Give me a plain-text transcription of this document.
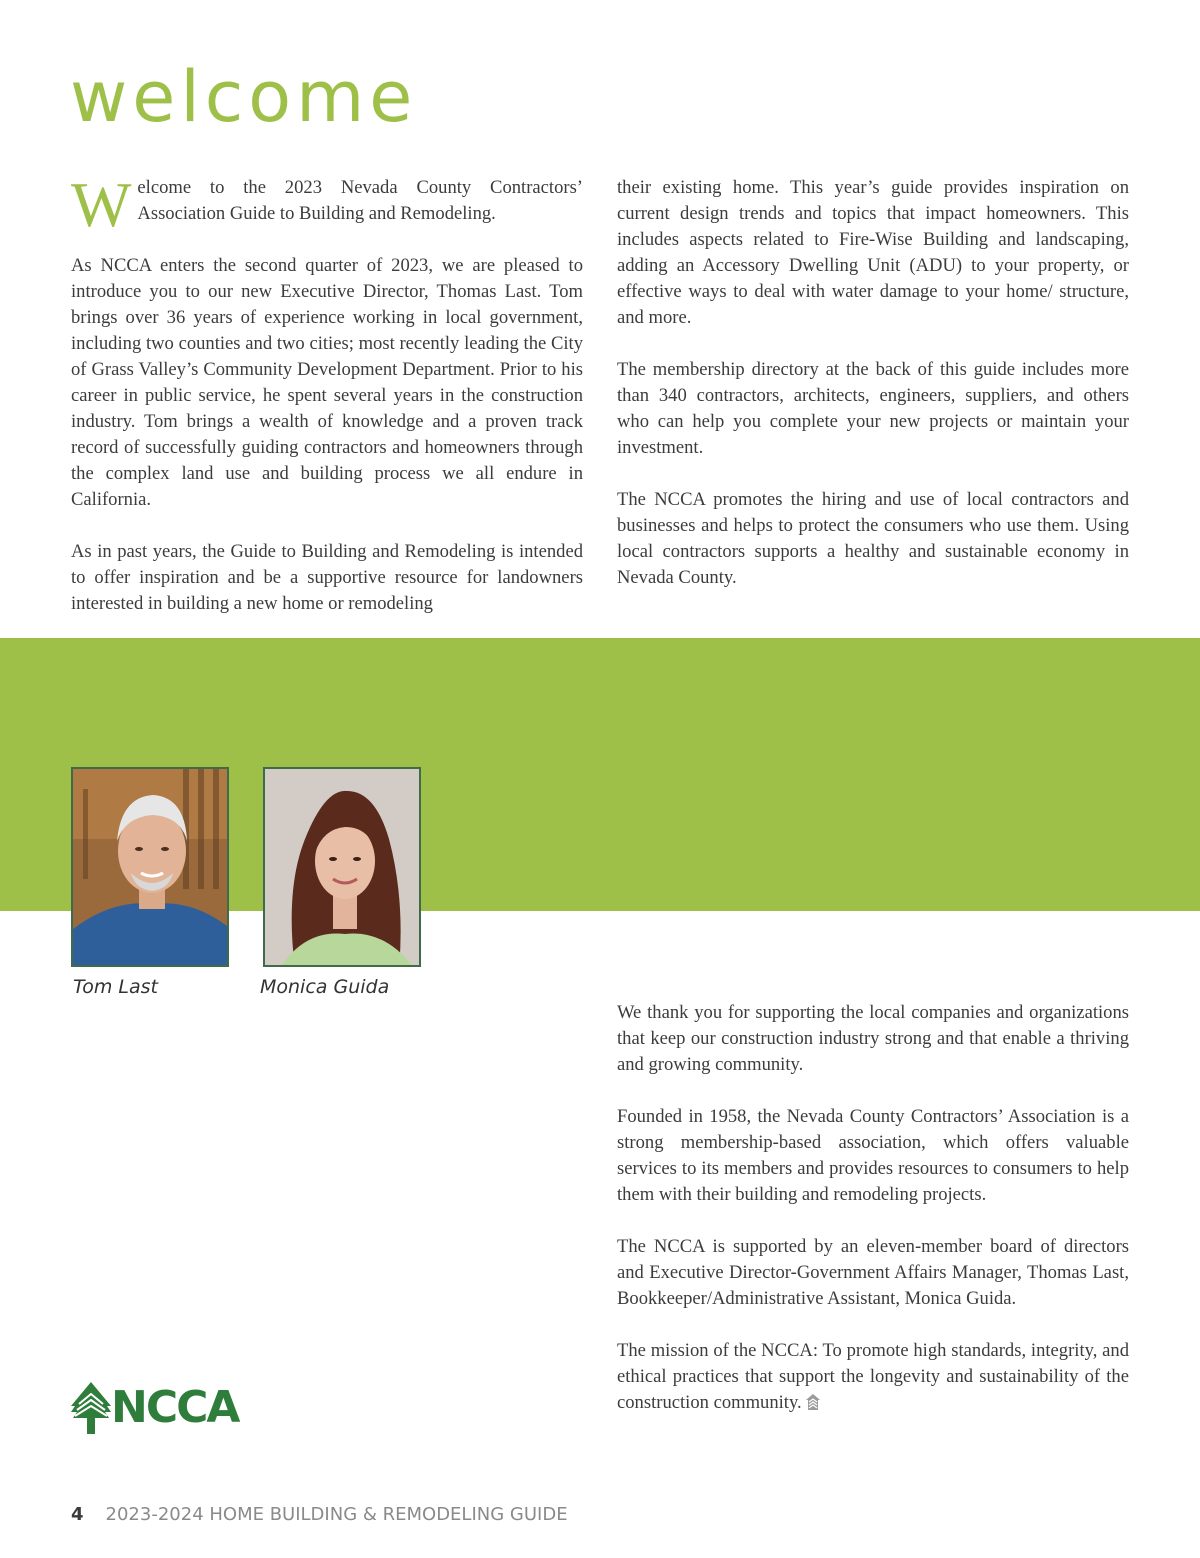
welcome

Welcome to the 2023 Nevada County Contractors’ Association Guide to Building and Remodeling.

As NCCA enters the second quarter of 2023, we are pleased to introduce you to our new Executive Director, Thomas Last. Tom brings over 36 years of experience working in local government, including two counties and two cities; most recently leading the City of Grass Valley’s Community Development Department. Prior to his career in public service, he spent several years in the construction industry. Tom brings a wealth of knowledge and a proven track record of successfully guiding contractors and homeowners through the complex land use and building process we all endure in California.

As in past years, the Guide to Building and Remodeling is intended to offer inspiration and be a supportive resource for landowners interested in building a new home or remodeling

their existing home. This year’s guide provides inspiration on current design trends and topics that impact homeowners. This includes aspects related to Fire-Wise Building and landscaping, adding an Accessory Dwelling Unit (ADU) to your property, or effective ways to deal with water damage to your home/ structure, and more.

The membership directory at the back of this guide includes more than 340 contractors, architects, engineers, suppliers, and others who can help you complete your new projects or maintain your investment.

The NCCA promotes the hiring and use of local contractors and businesses and helps to protect the consumers who use them. Using local contractors supports a healthy and sustainable economy in Nevada County.

Tom Last	Monica Guida

We thank you for supporting the local companies and organizations that keep our construction industry strong and that enable a thriving and growing community.

Founded in 1958, the Nevada County Contractors’ Association is a strong membership-based association, which offers valuable services to its members and provides resources to consumers to help them with their building and remodeling projects.

The NCCA is supported by an eleven-member board of directors and Executive Director-Government Affairs Manager, Thomas Last, Bookkeeper/Administrative Assistant, Monica Guida.

The mission of the NCCA: To promote high standards, integrity, and ethical practices that support the longevity and sustainability of the construction community.

NCCA
4 2023-2024 HOME BUILDING & REMODELING GUIDE
